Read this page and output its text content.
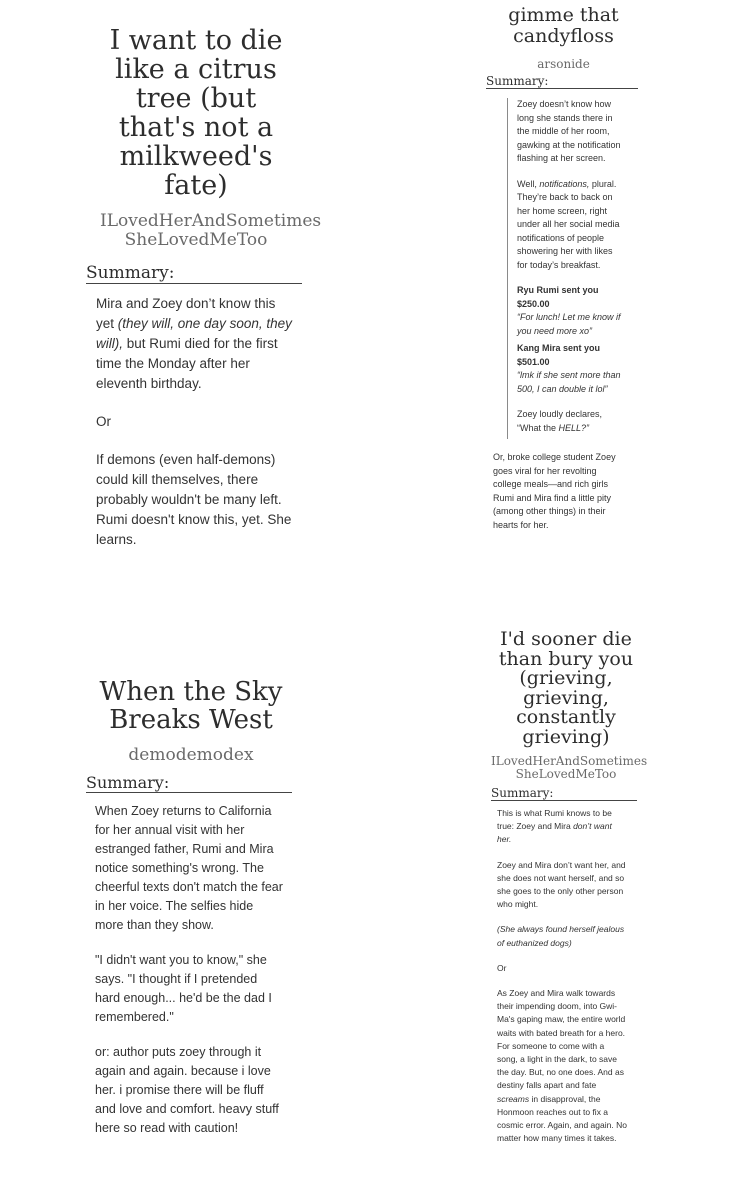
I want to die like a citrus tree (but that's not a milkweed's fate)
ILovedHerAndSometimes SheLovedMeToo
Summary:

Mira and Zoey don’t know this yet (they will, one day soon, they will), but Rumi died for the first time the Monday after her eleventh birthday.

Or

If demons (even half-demons) could kill themselves, there probably wouldn't be many left. Rumi doesn't know this, yet. She learns.

gimme that candyfloss
arsonide
Summary:

Zoey doesn’t know how long she stands there in the middle of her room, gawking at the notification flashing at her screen.

Well, notifications, plural. They’re back to back on her home screen, right under all her social media notifications of people showering her with likes for today’s breakfast.

Ryu Rumi sent you $250.00

“For lunch! Let me know if you need more xo”

Kang Mira sent you $501.00

“lmk if she sent more than 500, I can double it lol”

Zoey loudly declares, “What the HELL?”

Or, broke college student Zoey goes viral for her revolting college meals—and rich girls Rumi and Mira find a little pity (among other things) in their hearts for her.

When the Sky Breaks West
demodemodex
Summary:

When Zoey returns to California for her annual visit with her estranged father, Rumi and Mira notice something's wrong. The cheerful texts don't match the fear in her voice. The selfies hide more than they show.

"I didn't want you to know," she says. "I thought if I pretended hard enough... he'd be the dad I remembered."

or: author puts zoey through it again and again. because i love her. i promise there will be fluff and love and comfort. heavy stuff here so read with caution!

I'd sooner die than bury you (grieving, grieving, constantly grieving)
ILovedHerAndSometimes SheLovedMeToo
Summary:

This is what Rumi knows to be true: Zoey and Mira don’t want her.

Zoey and Mira don’t want her, and she does not want herself, and so she goes to the only other person who might.

(She always found herself jealous of euthanized dogs)

Or

As Zoey and Mira walk towards their impending doom, into Gwi-Ma's gaping maw, the entire world waits with bated breath for a hero. For someone to come with a song, a light in the dark, to save the day. But, no one does. And as destiny falls apart and fate screams in disapproval, the Honmoon reaches out to fix a cosmic error. Again, and again. No matter how many times it takes.
